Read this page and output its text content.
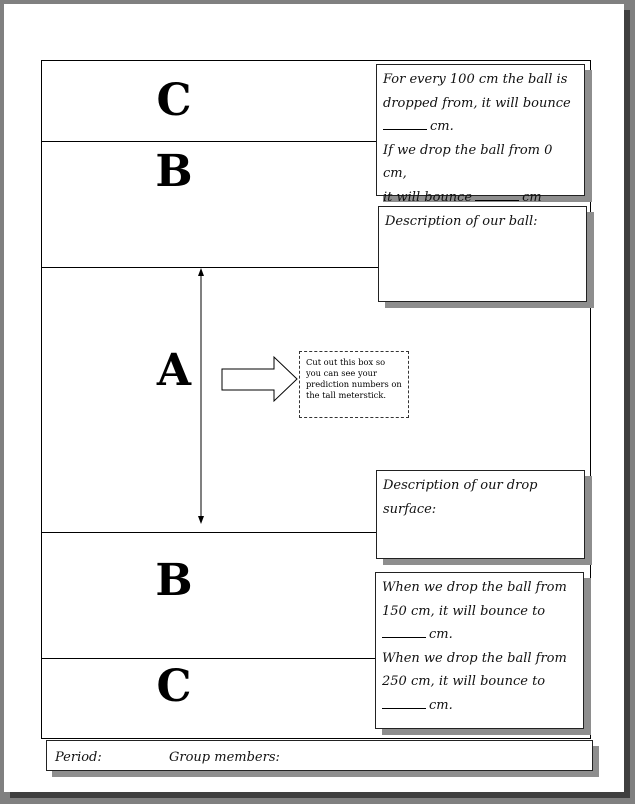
C
B
A
B
C
For every 100 cm the ball is
dropped from, it will bounce
cm.
If we drop the ball from 0 cm,
it will bounce	cm
Description of our ball:
Cut out this box so you can see your prediction numbers on the tall meterstick.
Description of our drop
surface:
When we drop the ball from
150 cm, it will bounce to
cm.
When we drop the ball from
250 cm, it will bounce to
cm.
Period:	Group members:
